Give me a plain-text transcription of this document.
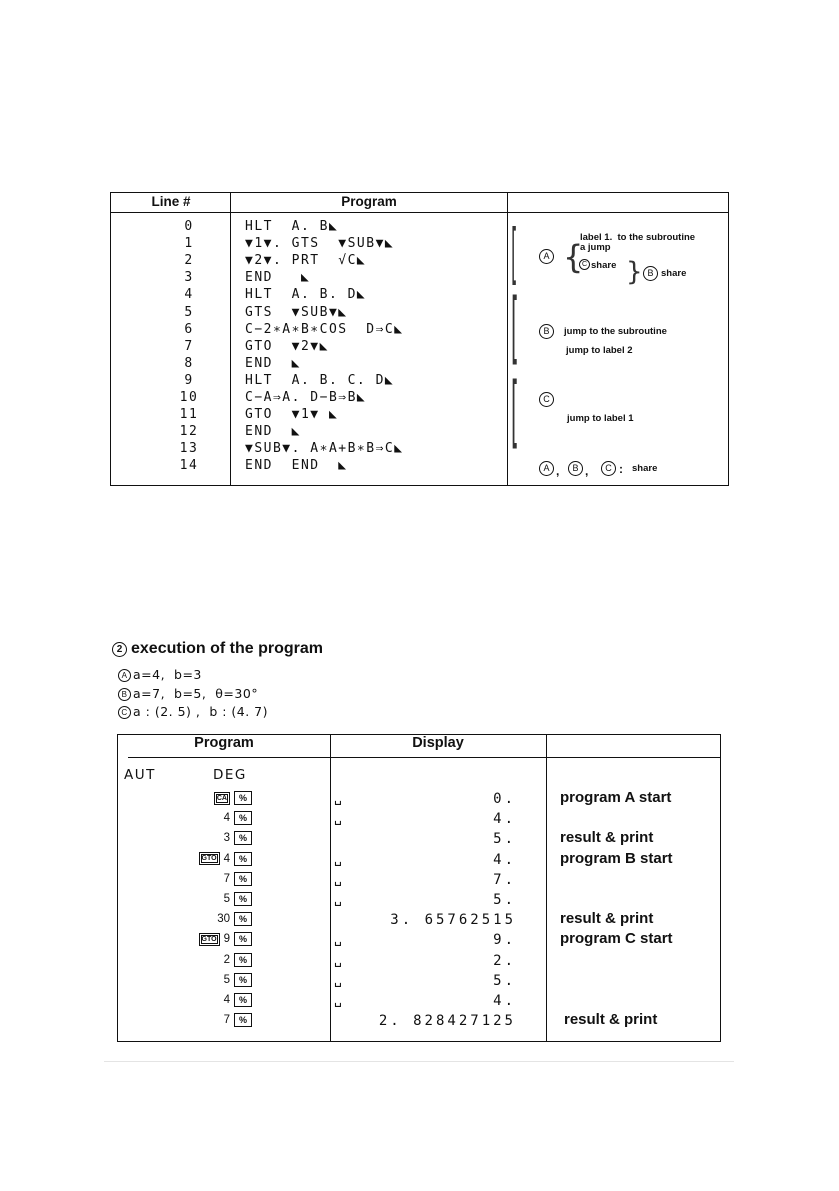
Line #	Program
0	HLT  A. B◣
1	▼1▼. GTS  ▼SUB▼◣
2	▼2▼. PRT  √C◣
3	END   ◣
4	HLT  A. B. D◣
5	GTS  ▼SUB▼◣
6	C−2∗A∗B∗COS  D⇒C◣
7	GTO  ▼2▼◣
8	END  ◣
9	HLT  A. B. C. D◣
10	C−A⇒A. D−B⇒B◣
11	GTO  ▼1▼ ◣
12	END  ◣
13	▼SUB▼. A∗A+B∗B⇒C◣
14	END  END  ◣
[
[
[
{ }
label 1.  to the subroutine
a jump
A
C share
B share
B	jump to the subroutine
jump to label 2
C
jump to label 1
A ,	B ,	C : share
2 execution of the program
A a=4,  b=3
B a=7,  b=5,  θ=30°
C a : (2. 5) ,  b : (4. 7)
Program	Display
AUT	DEG
CA	%	␣	0.	program A start
4 %	␣	4.
3 %	5.	result & print
GTO 4 %	␣	4.	program B start
7 %	␣	7.
5 %	␣	5.
30 %	3. 65762515	result & print
GTO 9 %	␣	9.	program C start
2 %	␣	2.
5 %	␣	5.
4 %	␣	4.
7 %	2. 828427125	result & print
